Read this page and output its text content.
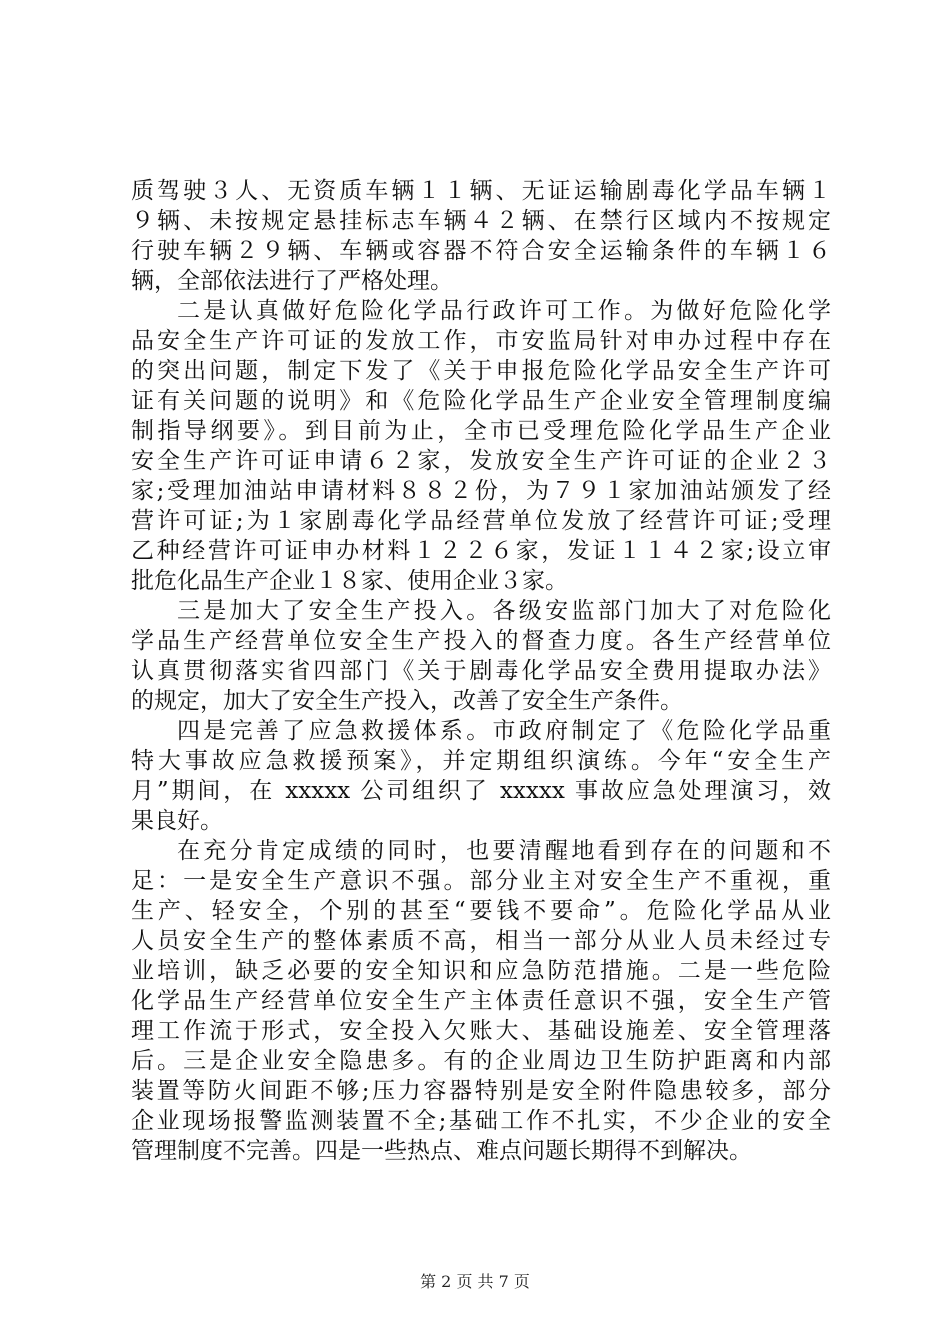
质驾驶３人、无资质车辆１１辆、无证运输剧毒化学品车辆１
９辆、未按规定悬挂标志车辆４２辆、在禁行区域内不按规定
行驶车辆２９辆、车辆或容器不符合安全运输条件的车辆１６
辆，全部依法进行了严格处理。
二是认真做好危险化学品行政许可工作。为做好危险化学
品安全生产许可证的发放工作，市安监局针对申办过程中存在
的突出问题，制定下发了《关于申报危险化学品安全生产许可
证有关问题的说明》和《危险化学品生产企业安全管理制度编
制指导纲要》。到目前为止，全市已受理危险化学品生产企业
安全生产许可证申请６２家，发放安全生产许可证的企业２３
家;受理加油站申请材料８８２份，为７９１家加油站颁发了经
营许可证;为１家剧毒化学品经营单位发放了经营许可证;受理
乙种经营许可证申办材料１２２６家，发证１１４２家;设立审
批危化品生产企业１８家、使用企业３家。
三是加大了安全生产投入。各级安监部门加大了对危险化
学品生产经营单位安全生产投入的督查力度。各生产经营单位
认真贯彻落实省四部门《关于剧毒化学品安全费用提取办法》
的规定，加大了安全生产投入，改善了安全生产条件。
四是完善了应急救援体系。市政府制定了《危险化学品重
特大事故应急救援预案》，并定期组织演练。今年“安全生产
月”期间，在 xxxxx 公司组织了 xxxxx 事故应急处理演习，效
果良好。
在充分肯定成绩的同时，也要清醒地看到存在的问题和不
足：一是安全生产意识不强。部分业主对安全生产不重视，重
生产、轻安全，个别的甚至“要钱不要命”。危险化学品从业
人员安全生产的整体素质不高，相当一部分从业人员未经过专
业培训，缺乏必要的安全知识和应急防范措施。二是一些危险
化学品生产经营单位安全生产主体责任意识不强，安全生产管
理工作流于形式，安全投入欠账大、基础设施差、安全管理落
后。三是企业安全隐患多。有的企业周边卫生防护距离和内部
装置等防火间距不够;压力容器特别是安全附件隐患较多，部分
企业现场报警监测装置不全;基础工作不扎实，不少企业的安全
管理制度不完善。四是一些热点、难点问题长期得不到解决。
第 2 页 共 7 页
